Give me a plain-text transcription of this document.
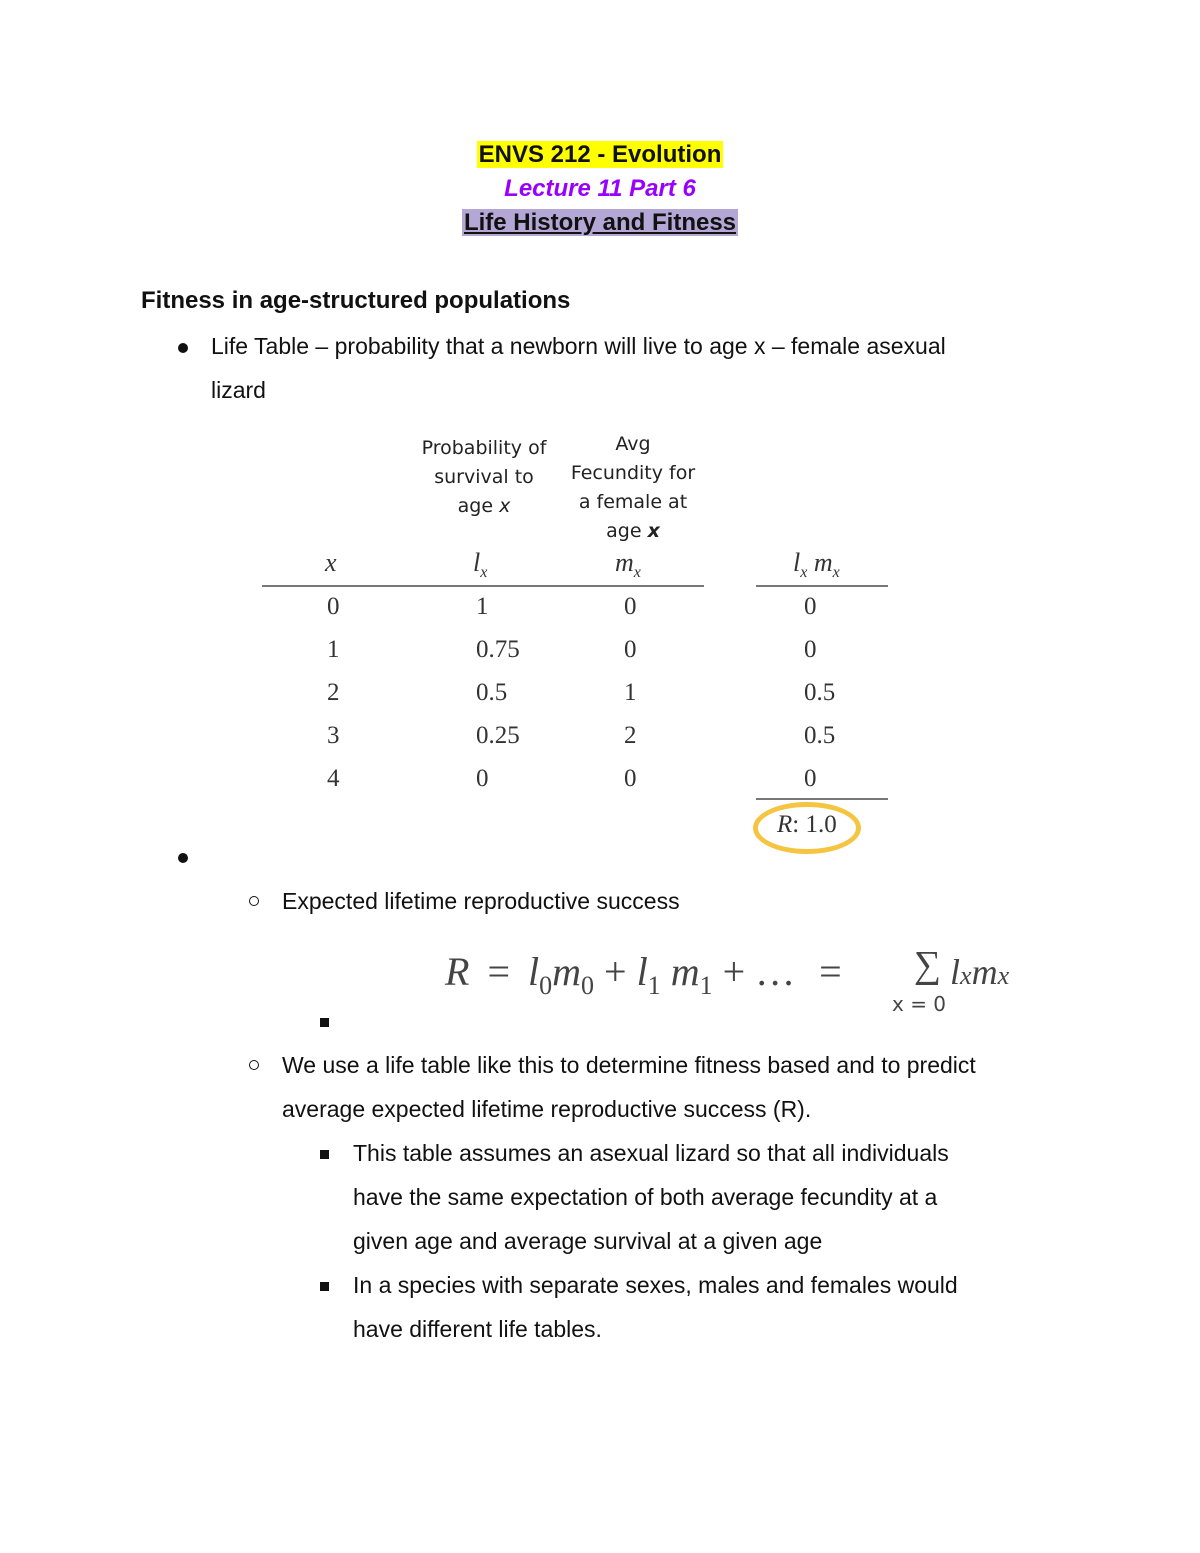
ENVS 212 - Evolution
Lecture 11 Part 6
Life History and Fitness
Fitness in age-structured populations
Life Table – probability that a newborn will live to age x – female asexual
lizard
Probability of
survival to
age x
Avg
Fecundity for
a female at
age x
x	$l_x$	$m_x$	$l_x$ $m_x$
0	1	0	0
1	0.75	0	0
2	0.5	1	0.5
3	0.25	2	0.5
4	0	0	0
R: 1.0
Expected lifetime reproductive success
$R = l_0m_0 + l_1$ $m_1$ + … = ∑ lxmx
x = 0
We use a life table like this to determine fitness based and to predict
average expected lifetime reproductive success (R).
This table assumes an asexual lizard so that all individuals
have the same expectation of both average fecundity at a
given age and average survival at a given age
In a species with separate sexes, males and females would
have different life tables.
